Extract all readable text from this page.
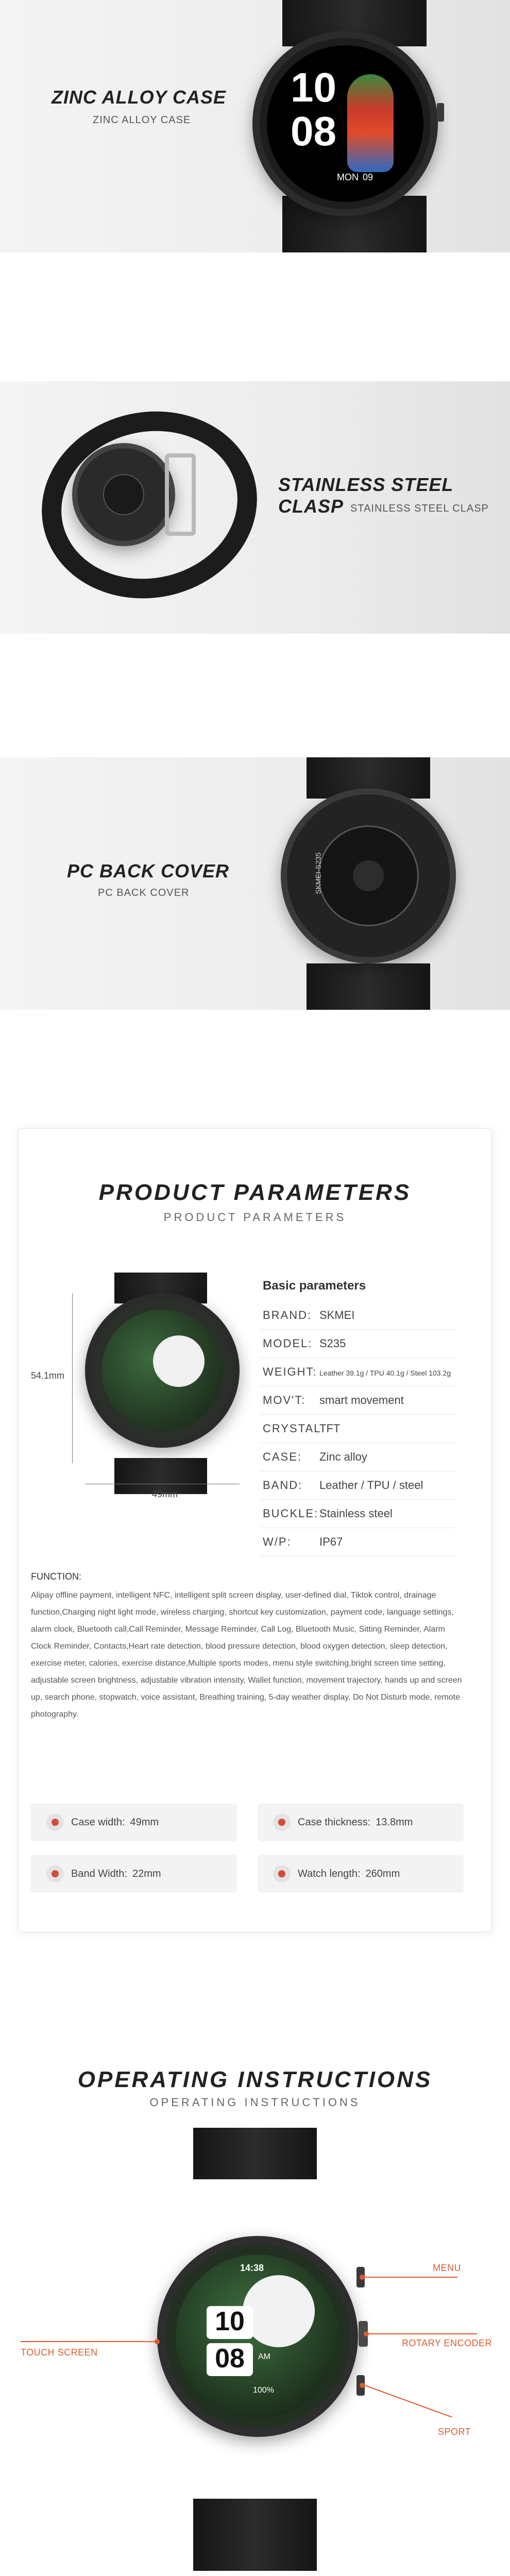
ZINC ALLOY CASE
ZINC ALLOY CASE
10
08
MON 09
STAINLESS STEEL CLASP STAINLESS STEEL CLASP
PC BACK COVER
PC BACK COVER	SKMEI-S235
PRODUCT PARAMETERS
PRODUCT PARAMETERS
54.1mm
49mm
Basic parameters
BRAND: SKMEI
MODEL: S235
WEIGHT: Leather 39.1g / TPU 40.1g / Steel 103.2g
MOV'T: smart movement
CRYSTAL:TFT
CASE: Zinc alloy
BAND: Leather / TPU / steel
BUCKLE:Stainless steel
W/P: IP67
FUNCTION:
Alipay offline payment, intelligent NFC, intelligent split screen display, user-defined dial, Tiktok control, drainage function,Charging night light mode, wireless charging, shortcut key customization, payment code, language settings, alarm clock, Bluetooth call,Call Reminder, Message Reminder, Call Log, Bluetooth Music, Sitting Reminder, Alarm Clock Reminder, Contacts,Heart rate detection, blood pressure detection, blood oxygen detection, sleep detection, exercise meter, calories, exercise distance,Multiple sports modes, menu style switching,bright screen time setting, adjustable screen brightness, adjustable vibration intensity, Wallet function, movement trajectory, hands up and screen up, search phone, stopwatch, voice assistant, Breathing training, 5-day weather display, Do Not Disturb mode, remote photography.
Case width: 49mm	Case thickness: 13.8mm
Band Width: 22mm	Watch length: 260mm
OPERATING INSTRUCTIONS
OPERATING INSTRUCTIONS
14:38
10
08	AM
100%
MENU
ROTARY ENCODER
SPORT
TOUCH SCREEN
